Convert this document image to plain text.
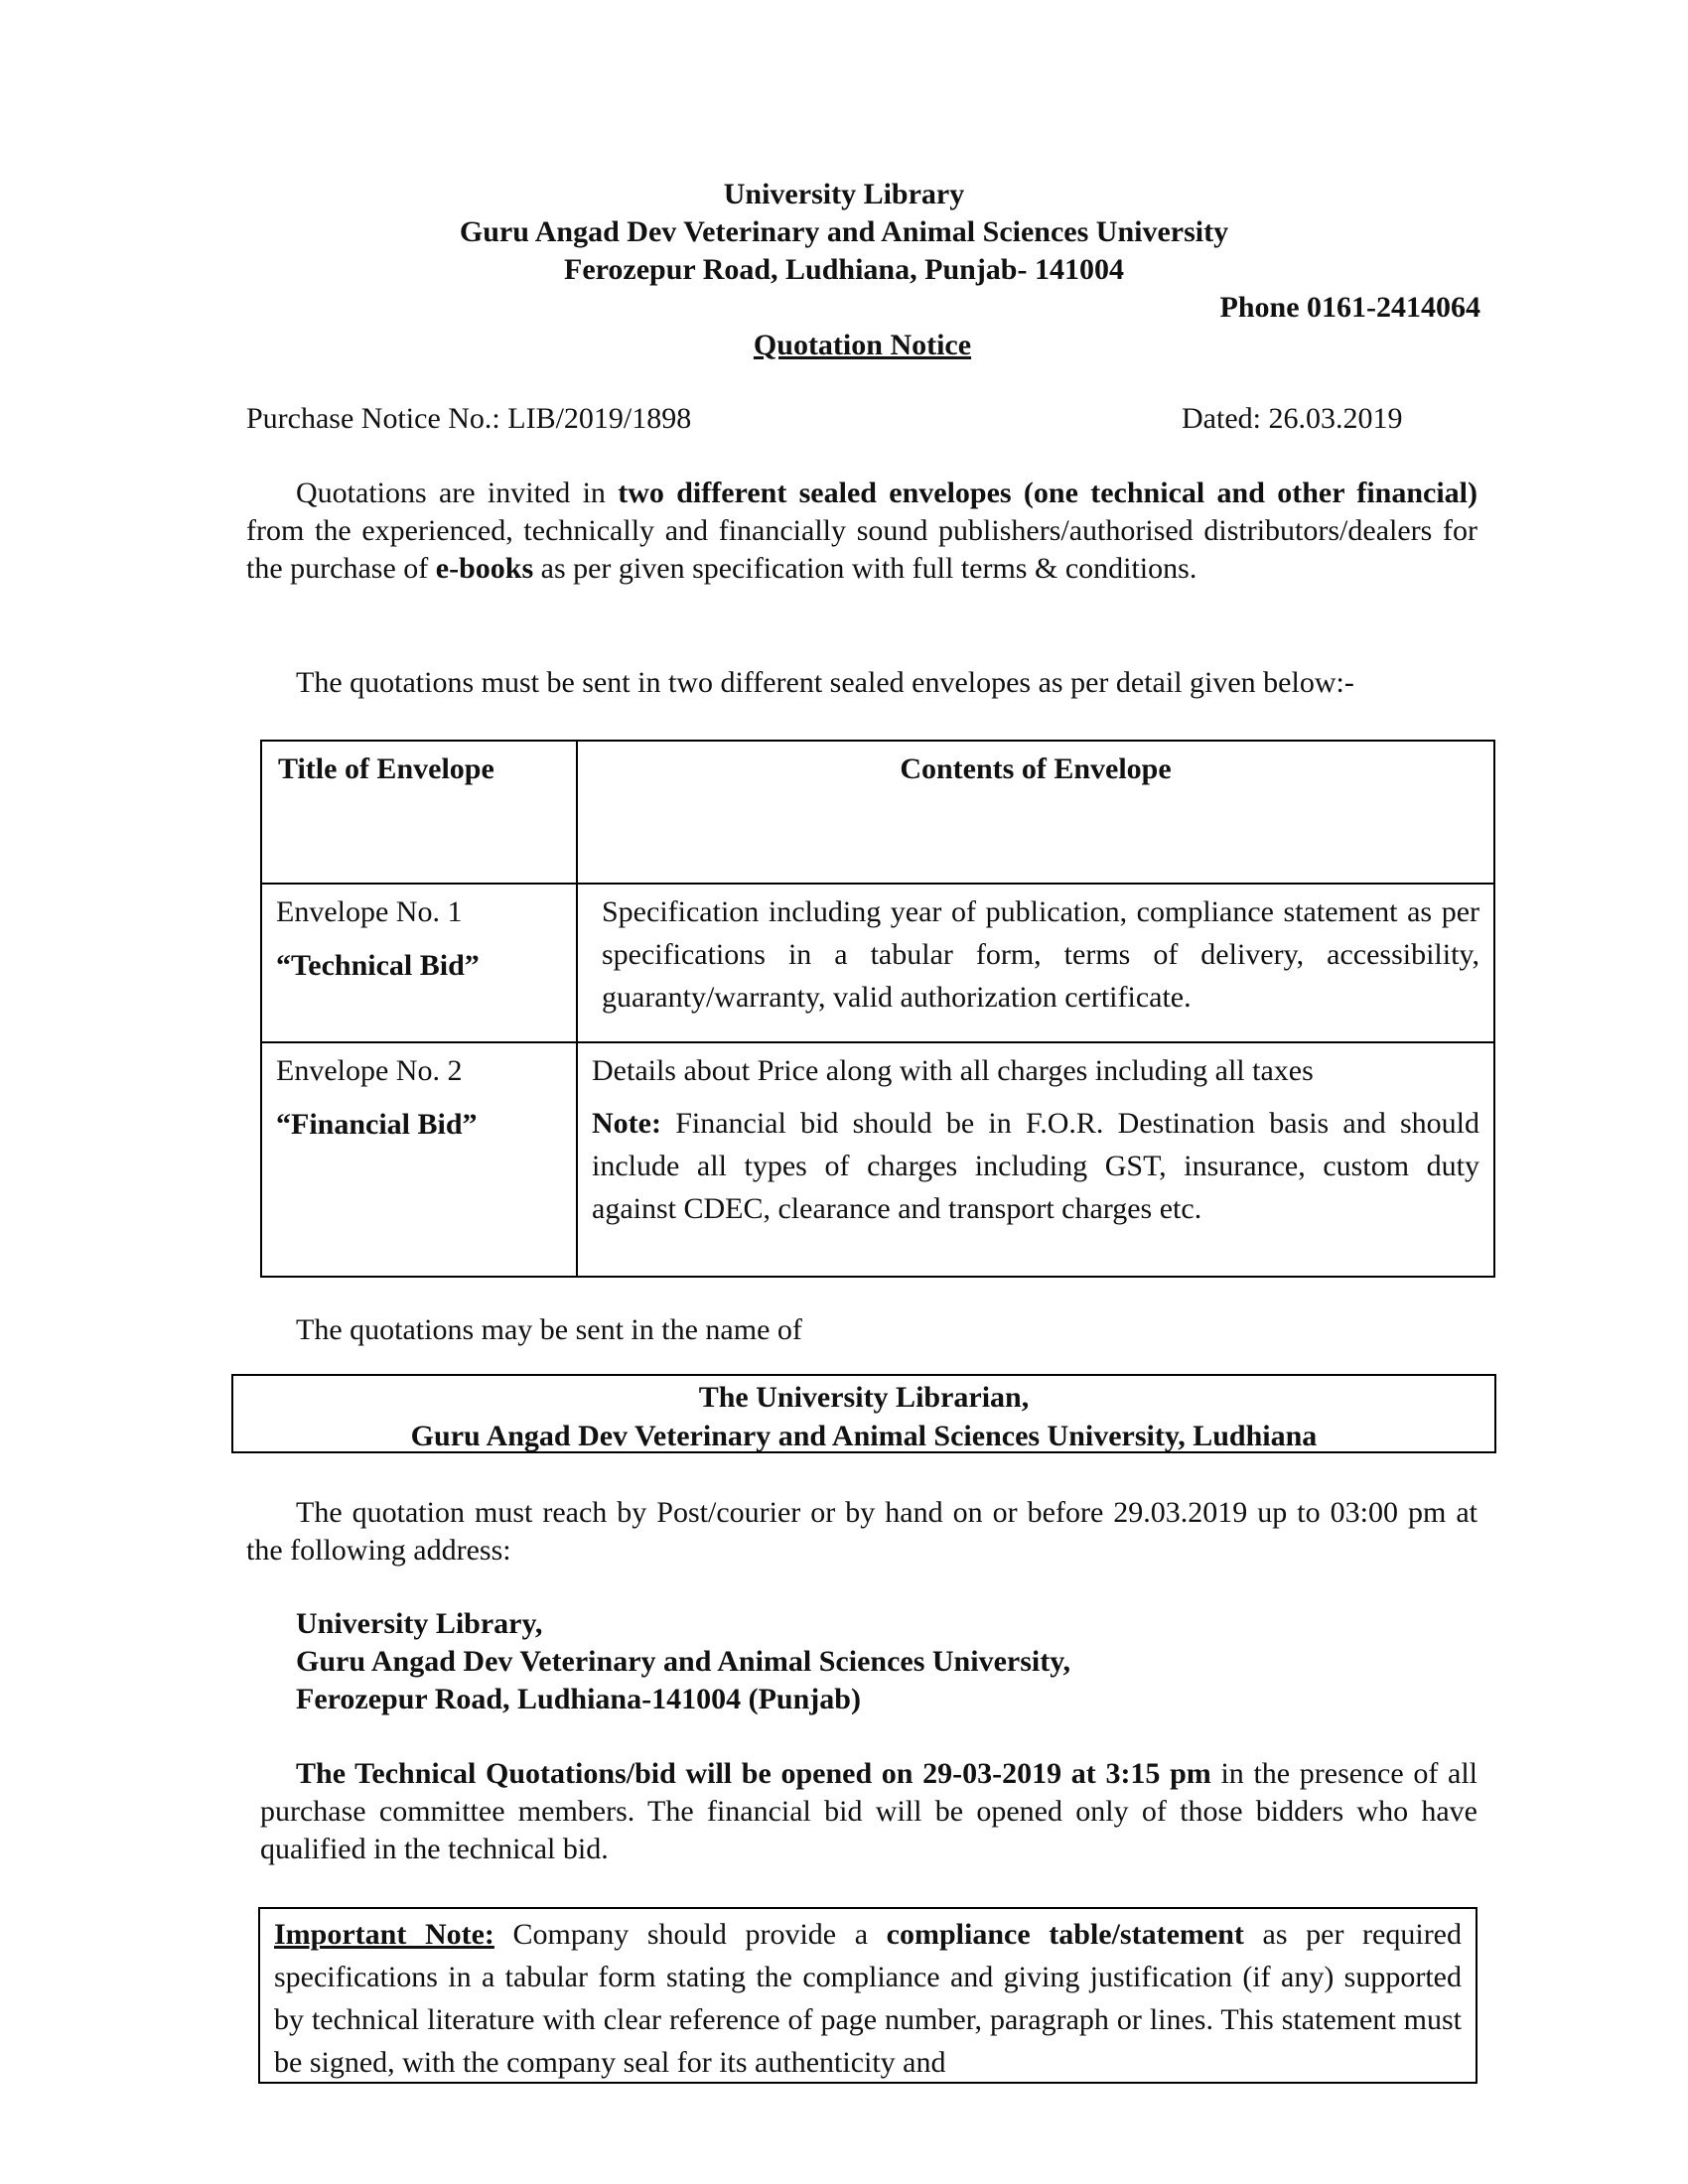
University Library
Guru Angad Dev Veterinary and Animal Sciences University
Ferozepur Road, Ludhiana, Punjab- 141004
Phone 0161-2414064
Quotation Notice
Purchase Notice No.: LIB/2019/1898	Dated: 26.03.2019
Quotations are invited in two different sealed envelopes (one technical and other financial) from the experienced, technically and financially sound publishers/authorised distributors/dealers for the purchase of e-books as per given specification with full terms & conditions.
The quotations must be sent in two different sealed envelopes as per detail given below:-
Title of Envelope	Contents of Envelope

Envelope No. 1
“Technical Bid”	Specification including year of publication, compliance statement as per specifications in a tabular form, terms of delivery, accessibility, guaranty/warranty, valid authorization certificate.

Envelope No. 2
“Financial Bid”	Details about Price along with all charges including all taxes
Note: Financial bid should be in F.O.R. Destination basis and should include all types of charges including GST, insurance, custom duty against CDEC, clearance and transport charges etc.
The quotations may be sent in the name of
The University Librarian,
Guru Angad Dev Veterinary and Animal Sciences University, Ludhiana
The quotation must reach by Post/courier or by hand on or before 29.03.2019 up to 03:00 pm at the following address:
University Library,
Guru Angad Dev Veterinary and Animal Sciences University,
Ferozepur Road, Ludhiana-141004 (Punjab)
The Technical Quotations/bid will be opened on 29-03-2019 at 3:15 pm in the presence of all purchase committee members. The financial bid will be opened only of those bidders who have qualified in the technical bid.
Important Note: Company should provide a compliance table/statement as per required specifications in a tabular form stating the compliance and giving justification (if any) supported by technical literature with clear reference of page number, paragraph or lines. This statement must be signed, with the company seal for its authenticity and
